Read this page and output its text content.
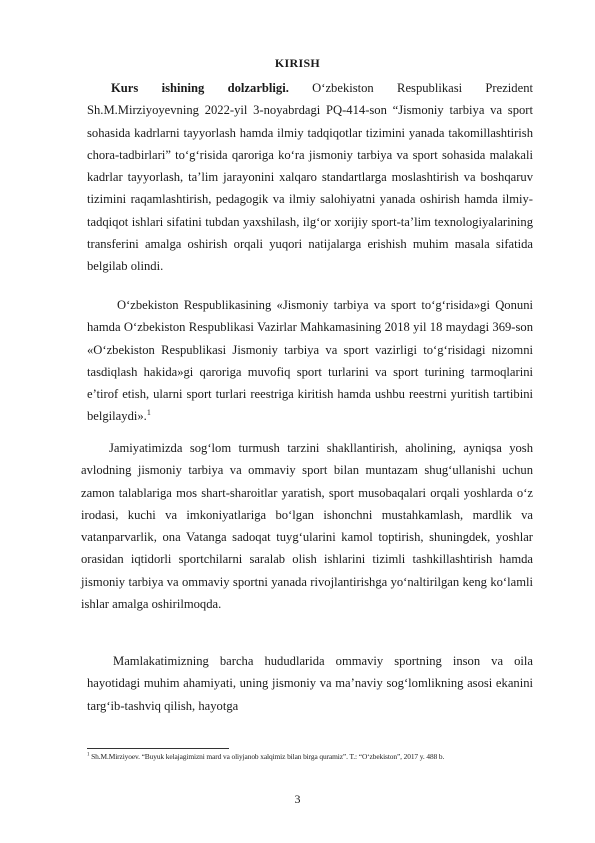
KIRISH

Kurs ishining dolzarbligi. O‘zbekiston Respublikasi Prezident Sh.M.Mirziyoyevning 2022-yil 3-noyabrdagi PQ-414-son “Jismoniy tarbiya va sport sohasida kadrlarni tayyorlash hamda ilmiy tadqiqotlar tizimini yanada takomillashtirish chora-tadbirlari” to‘g‘risida qaroriga ko‘ra jismoniy tarbiya va sport sohasida malakali kadrlar tayyorlash, ta’lim jarayonini xalqaro standartlarga moslashtirish va boshqaruv tizimini raqamlashtirish, pedagogik va ilmiy salohiyatni yanada oshirish hamda ilmiy-tadqiqot ishlari sifatini tubdan yaxshilash, ilg‘or xorijiy sport-ta’lim texnologiyalarining transferini amalga oshirish orqali yuqori natijalarga erishish muhim masala sifatida belgilab olindi.

O‘zbekiston Respublikasining «Jismoniy tarbiya va sport to‘g‘risida»gi Qonuni hamda O‘zbekiston Respublikasi Vazirlar Mahkamasining 2018 yil 18 maydagi 369-son «O‘zbekiston Respublikasi Jismoniy tarbiya va sport vazirligi to‘g‘risidagi nizomni tasdiqlash hakida»gi qaroriga muvofiq sport turlarini va sport turining tarmoqlarini e’tirof etish, ularni sport turlari reestriga kiritish hamda ushbu reestrni yuritish tartibini belgilaydi».$^1$

Jamiyatimizda sog‘lom turmush tarzini shakllantirish, aholining, ayniqsa yosh avlodning jismoniy tarbiya va ommaviy sport bilan muntazam shug‘ullanishi uchun zamon talablariga mos shart-sharoitlar yaratish, sport musobaqalari orqali yoshlarda o‘z irodasi, kuchi va imkoniyatlariga bo‘lgan ishonchni mustahkamlash, mardlik va vatanparvarlik, ona Vatanga sadoqat tuyg‘ularini kamol toptirish, shuningdek, yoshlar orasidan iqtidorli sportchilarni saralab olish ishlarini tizimli tashkillashtirish hamda jismoniy tarbiya va ommaviy sportni yanada rivojlantirishga yo‘naltirilgan keng ko‘lamli ishlar amalga oshirilmoqda.

Mamlakatimizning barcha hududlarida ommaviy sportning inson va oila hayotidagi muhim ahamiyati, uning jismoniy va ma’naviy sog‘lomlikning asosi ekanini targ‘ib-tashviq qilish, hayotga

$^1$ Sh.M.Mirziyoev. “Buyuk kelajagimizni mard va oliyjanob xalqimiz bilan birga quramiz”. T.: “O‘zbekiston”, 2017 y. 488 b.
3
